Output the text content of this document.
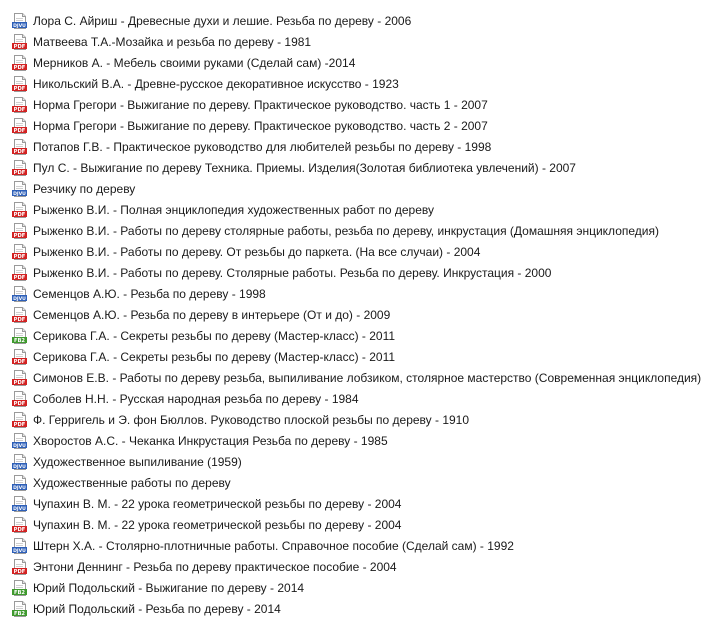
DJVU Лора С. Айриш - Древесные духи и лешие. Резьба по дереву - 2006
PDF Матвеева Т.А.-Мозайка и резьба по дереву - 1981
PDF Мерников А. - Мебель своими руками (Сделай сам) -2014
PDF Никольский В.А. - Древне-русское декоративное искусство - 1923
PDF Норма Грегори - Выжигание по дереву. Практическое руководство. часть 1 - 2007
PDF Норма Грегори - Выжигание по дереву. Практическое руководство. часть 2 - 2007
PDF Потапов Г.В. - Практическое руководство для любителей резьбы по дереву - 1998
PDF Пул С. - Выжигание по дереву Техника. Приемы. Изделия(Золотая библиотека увлечений) - 2007
DJVU Резчику по дереву
PDF Рыженко В.И. - Полная энциклопедия художественных работ по дереву
PDF Рыженко В.И. - Работы по дереву столярные работы, резьба по дереву, инкрустация (Домашняя энциклопедия)
PDF Рыженко В.И. - Работы по дереву. От резьбы до паркета. (На все случаи) - 2004
PDF Рыженко В.И. - Работы по дереву. Столярные работы. Резьба по дереву. Инкрустация - 2000
DJVU Семенцов А.Ю. - Резьба по дереву - 1998
PDF Семенцов А.Ю. - Резьба по дереву в интерьере (От и до) - 2009
FB2 Серикова Г.А. - Секреты резьбы по дереву (Мастер-класс) - 2011
PDF Серикова Г.А. - Секреты резьбы по дереву (Мастер-класс) - 2011
PDF Симонов Е.В. - Работы по дереву резьба, выпиливание лобзиком, столярное мастерство (Современная энциклопедия)
PDF Соболев Н.Н. - Русская народная резьба по дереву - 1984
PDF Ф. Герригель и Э. фон Бюллов. Руководство плоской резьбы по дереву - 1910
DJVU Хворостов А.С. - Чеканка Инкрустация Резьба по дереву - 1985
DJVU Художественное выпиливание (1959)
DJVU Художественные работы по дереву
DJVU Чупахин В. М. - 22 урока геометрической резьбы по дереву - 2004
PDF Чупахин В. М. - 22 урока геометрической резьбы по дереву - 2004
DJVU Штерн Х.А. - Столярно-плотничные работы. Справочное пособие (Сделай сам) - 1992
PDF Энтони Деннинг - Резьба по дереву практическое пособие - 2004
FB2 Юрий Подольский - Выжигание по дереву - 2014
FB2 Юрий Подольский - Резьба по дереву - 2014
